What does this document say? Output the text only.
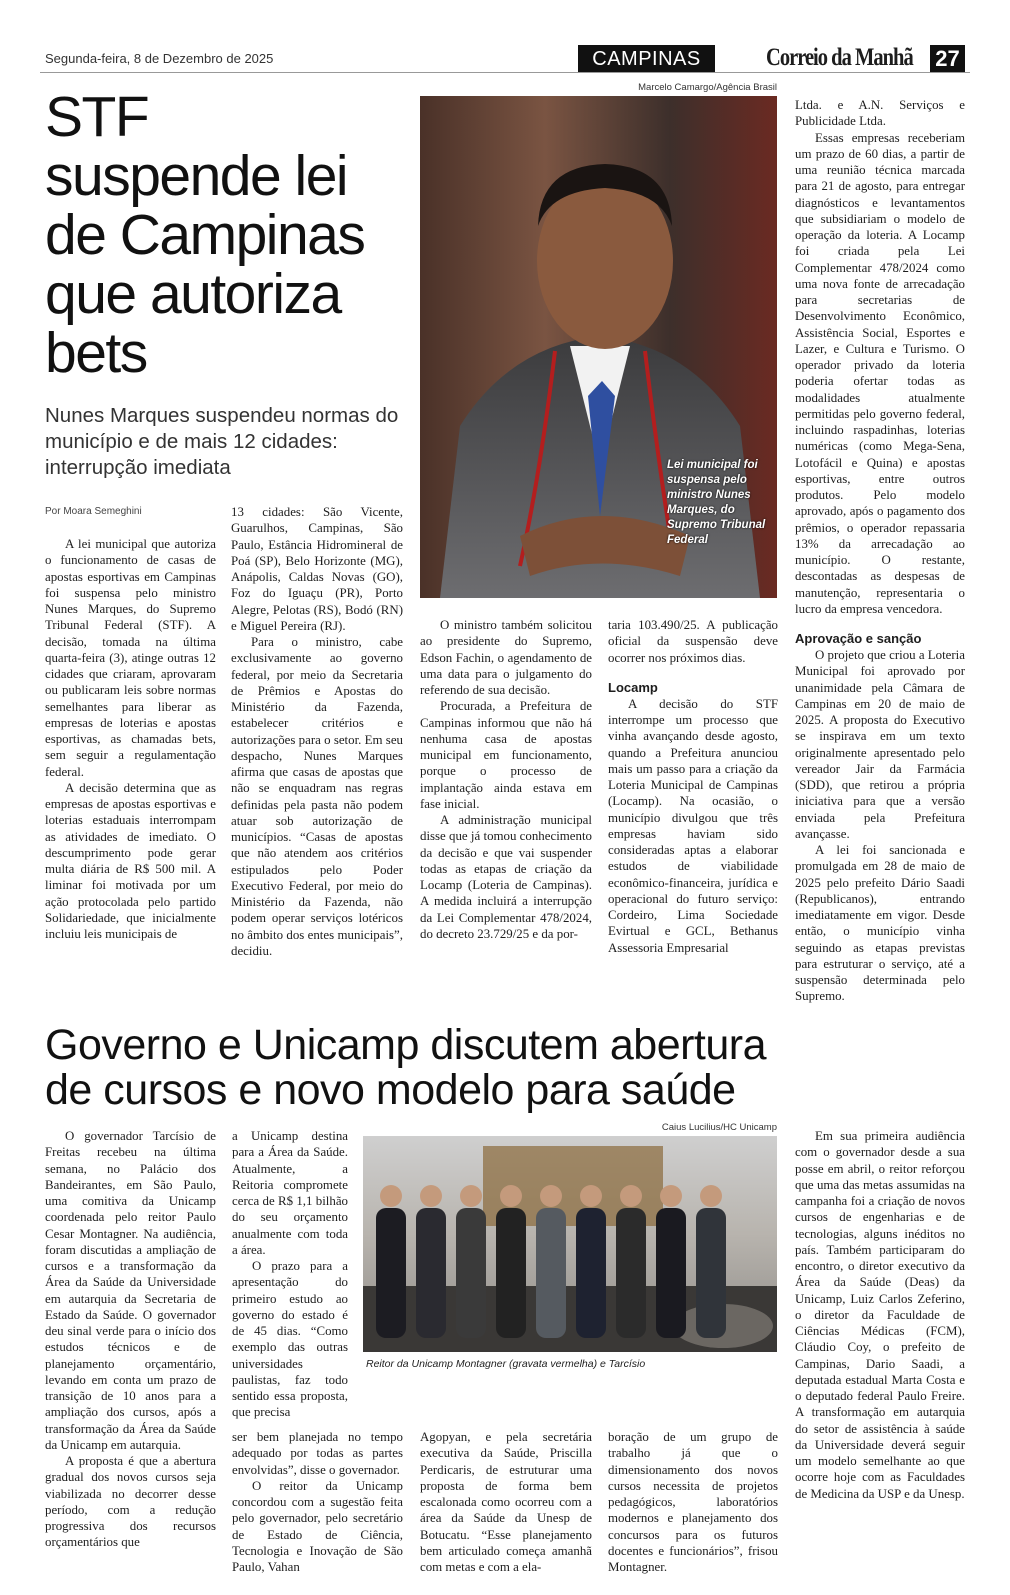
Segunda-feira, 8 de Dezembro de 2025	CAMPINAS	Correio da Manhã 27
STF
suspende lei
de Campinas
que autoriza
bets
Nunes Marques suspendeu normas do município e de mais 12 cidades: interrupção imediata
Por Moara Semeghini
Marcelo Camargo/Agência Brasil
Lei municipal foi suspensa pelo ministro Nunes Marques, do Supremo Tribunal Federal

A lei municipal que autoriza o funcionamento de casas de apostas esportivas em Campinas foi suspensa pelo ministro Nunes Marques, do Supremo Tribunal Federal (STF). A decisão, tomada na última quarta-feira (3), atinge outras 12 cidades que criaram, aprovaram ou publicaram leis sobre normas semelhantes para liberar as empresas de loterias e apostas esportivas, as chamadas bets, sem seguir a regulamentação federal.

A decisão determina que as empresas de apostas esportivas e loterias estaduais interrompam as atividades de imediato. O descumprimento pode gerar multa diária de R$ 500 mil. A liminar foi motivada por um ação protocolada pelo partido Solidariedade, que inicialmente incluiu leis municipais de

13 cidades: São Vicente, Guarulhos, Campinas, São Paulo, Estância Hidromineral de Poá (SP), Belo Horizonte (MG), Anápolis, Caldas Novas (GO), Foz do Iguaçu (PR), Porto Alegre, Pelotas (RS), Bodó (RN) e Miguel Pereira (RJ).

Para o ministro, cabe exclusivamente ao governo federal, por meio da Secretaria de Prêmios e Apostas do Ministério da Fazenda, estabelecer critérios e autorizações para o setor. Em seu despacho, Nunes Marques afirma que casas de apostas que não se enquadram nas regras definidas pela pasta não podem atuar sob autorização de municípios. “Casas de apostas que não atendem aos critérios estipulados pelo Poder Executivo Federal, por meio do Ministério da Fazenda, não podem operar serviços lotéricos no âmbito dos entes municipais”, decidiu.

O ministro também solicitou ao presidente do Supremo, Edson Fachin, o agendamento de uma data para o julgamento do referendo de sua decisão.

Procurada, a Prefeitura de Campinas informou que não há nenhuma casa de apostas municipal em funcionamento, porque o processo de implantação ainda estava em fase inicial.

A administração municipal disse que já tomou conhecimento da decisão e que vai suspender todas as etapas de criação da Locamp (Loteria de Campinas). A medida incluirá a interrupção da Lei Complementar 478/2024, do decreto 23.729/25 e da por-

taria 103.490/25. A publicação oficial da suspensão deve ocorrer nos próximos dias.

Locamp

A decisão do STF interrompe um processo que vinha avançando desde agosto, quando a Prefeitura anunciou mais um passo para a criação da Loteria Municipal de Campinas (Locamp). Na ocasião, o município divulgou que três empresas haviam sido consideradas aptas a elaborar estudos de viabilidade econômico-financeira, jurídica e operacional do futuro serviço: Cordeiro, Lima Sociedade Evirtual e GCL, Bethanus Assessoria Empresarial

Ltda. e A.N. Serviços e Publicidade Ltda.

Essas empresas receberiam um prazo de 60 dias, a partir de uma reunião técnica marcada para 21 de agosto, para entregar diagnósticos e levantamentos que subsidiariam o modelo de operação da loteria. A Locamp foi criada pela Lei Complementar 478/2024 como uma nova fonte de arrecadação para secretarias de Desenvolvimento Econômico, Assistência Social, Esportes e Lazer, e Cultura e Turismo. O operador privado da loteria poderia ofertar todas as modalidades atualmente permitidas pelo governo federal, incluindo raspadinhas, loterias numéricas (como Mega-Sena, Lotofácil e Quina) e apostas esportivas, entre outros produtos. Pelo modelo aprovado, após o pagamento dos prêmios, o operador repassaria 13% da arrecadação ao município. O restante, descontadas as despesas de manutenção, representaria o lucro da empresa vencedora.

Aprovação e sanção

O projeto que criou a Loteria Municipal foi aprovado por unanimidade pela Câmara de Campinas em 20 de maio de 2025. A proposta do Executivo se inspirava em um texto originalmente apresentado pelo vereador Jair da Farmácia (SDD), que retirou a própria iniciativa para que a versão enviada pela Prefeitura avançasse.

A lei foi sancionada e promulgada em 28 de maio de 2025 pelo prefeito Dário Saadi (Republicanos), entrando imediatamente em vigor. Desde então, o município vinha seguindo as etapas previstas para estruturar o serviço, até a suspensão determinada pelo Supremo.

Governo e Unicamp discutem abertura
de cursos e novo modelo para saúde
Caius Lucilius/HC Unicamp
Reitor da Unicamp Montagner (gravata vermelha) e Tarcísio

O governador Tarcísio de Freitas recebeu na última semana, no Palácio dos Bandeirantes, em São Paulo, uma comitiva da Unicamp coordenada pelo reitor Paulo Cesar Montagner. Na audiência, foram discutidas a ampliação de cursos e a transformação da Área da Saúde da Universidade em autarquia da Secretaria de Estado da Saúde. O governador deu sinal verde para o início dos estudos técnicos e de planejamento orçamentário, levando em conta um prazo de transição de 10 anos para a ampliação dos cursos, após a transformação da Área da Saúde da Unicamp em autarquia.

A proposta é que a abertura gradual dos novos cursos seja viabilizada no decorrer desse período, com a redução progressiva dos recursos orçamentários que

a Unicamp destina para a Área da Saúde. Atualmente, a Reitoria compromete cerca de R$ 1,1 bilhão do seu orçamento anualmente com toda a área.

O prazo para a apresentação do primeiro estudo ao governo do estado é de 45 dias. “Como exemplo das outras universidades paulistas, faz todo sentido essa proposta, que precisa

ser bem planejada no tempo adequado por todas as partes envolvidas”, disse o governador.

O reitor da Unicamp concordou com a sugestão feita pelo governador, pelo secretário de Estado de Ciência, Tecnologia e Inovação de São Paulo, Vahan

Agopyan, e pela secretária executiva da Saúde, Priscilla Perdicaris, de estruturar uma proposta de forma bem escalonada como ocorreu com a área da Saúde da Unesp de Botucatu. “Esse planejamento bem articulado começa amanhã com metas e com a ela-

boração de um grupo de trabalho já que o dimensionamento dos novos cursos necessita de projetos pedagógicos, laboratórios modernos e planejamento dos concursos para os futuros docentes e funcionários”, frisou Montagner.

Em sua primeira audiência com o governador desde a sua posse em abril, o reitor reforçou que uma das metas assumidas na campanha foi a criação de novos cursos de engenharias e de tecnologias, alguns inéditos no país. Também participaram do encontro, o diretor executivo da Área da Saúde (Deas) da Unicamp, Luiz Carlos Zeferino, o diretor da Faculdade de Ciências Médicas (FCM), Cláudio Coy, o prefeito de Campinas, Dario Saadi, a deputada estadual Marta Costa e o deputado federal Paulo Freire. A transformação em autarquia do setor de assistência à saúde da Universidade deverá seguir um modelo semelhante ao que ocorre hoje com as Faculdades de Medicina da USP e da Unesp.
